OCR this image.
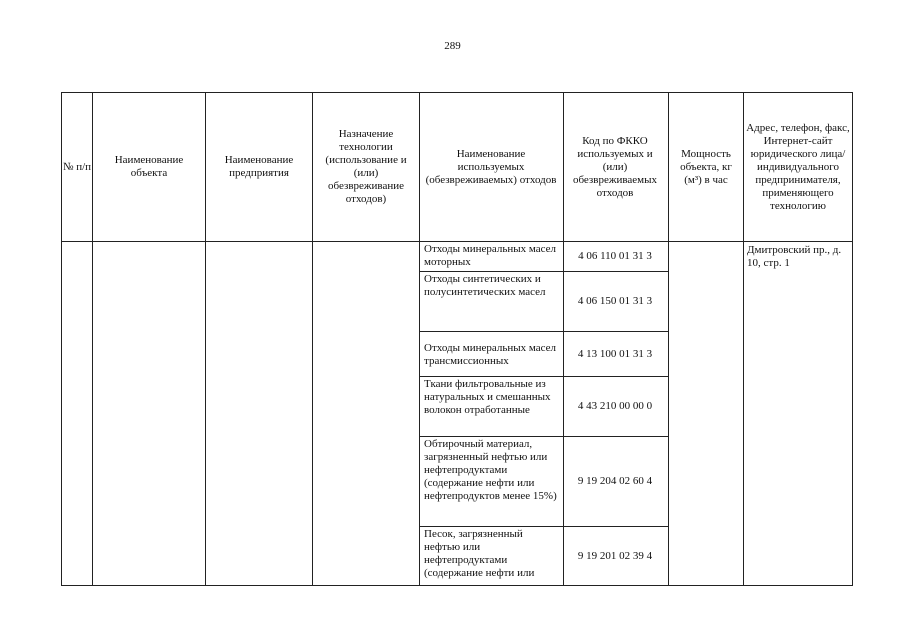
289
№ п/п
Наименование объекта
Наименование предприятия
Назначение технологии (использование и (или) обезвреживание отходов)
Наименование используемых (обезвреживаемых) отходов
Код по ФККО используемых и (или) обезвреживаемых отходов
Мощность объекта, кг (м³) в час
Адрес, телефон, факс, Интернет-сайт юридического лица/индивидуального предпринимателя, применяющего технологию
Отходы минеральных масел моторных
Отходы синтетических и полусинтетических масел
Отходы минеральных масел трансмиссионных
Ткани фильтровальные из натуральных и смешанных волокон отработанные
Обтирочный материал, загрязненный нефтью или нефтепродуктами (содержание нефти или нефтепродуктов менее 15%)
Песок, загрязненный нефтью или нефтепродуктами (содержание нефти или
4 06 110 01 31 3
4 06 150 01 31 3
4 13 100 01 31 3
4 43 210 00 00 0
9 19 204 02 60 4
9 19 201 02 39 4
Дмитровский пр., д. 10, стр. 1
